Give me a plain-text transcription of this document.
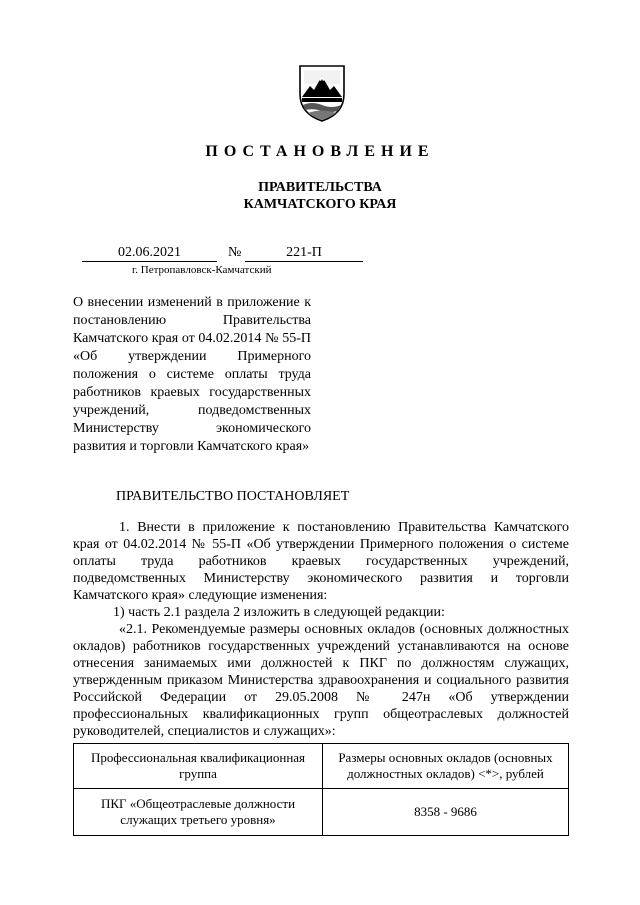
ПОСТАНОВЛЕНИЕ
ПРАВИТЕЛЬСТВА
КАМЧАТСКОГО КРАЯ
02.06.2021	№	221-П
г. Петропавловск-Камчатский
О внесении изменений в приложение к постановлению Правительства Камчатского края от 04.02.2014 № 55-П «Об утверждении Примерного положения о системе оплаты труда работников краевых государственных учреждений, подведомственных Министерству экономического развития и торговли Камчатского края»
ПРАВИТЕЛЬСТВО ПОСТАНОВЛЯЕТ

1. Внести в приложение к постановлению Правительства Камчатского края от 04.02.2014 № 55-П «Об утверждении Примерного положения о системе оплаты труда работников краевых государственных учреждений, подведомственных Министерству экономического развития и торговли Камчатского края» следующие изменения:

1) часть 2.1 раздела 2 изложить в следующей редакции:

«2.1. Рекомендуемые размеры основных окладов (основных должностных окладов) работников государственных учреждений устанавливаются на основе отнесения занимаемых ими должностей к ПКГ по должностям служащих, утвержденным приказом Министерства здравоохранения и социального развития Российской Федерации от 29.05.2008 № 247н «Об утверждении профессиональных квалификационных групп общеотраслевых должностей руководителей, специалистов и служащих»:

Профессиональная квалификационная группа	Размеры основных окладов (основных должностных окладов) <*>, рублей
ПКГ «Общеотраслевые должности служащих третьего уровня»	8358 - 9686
